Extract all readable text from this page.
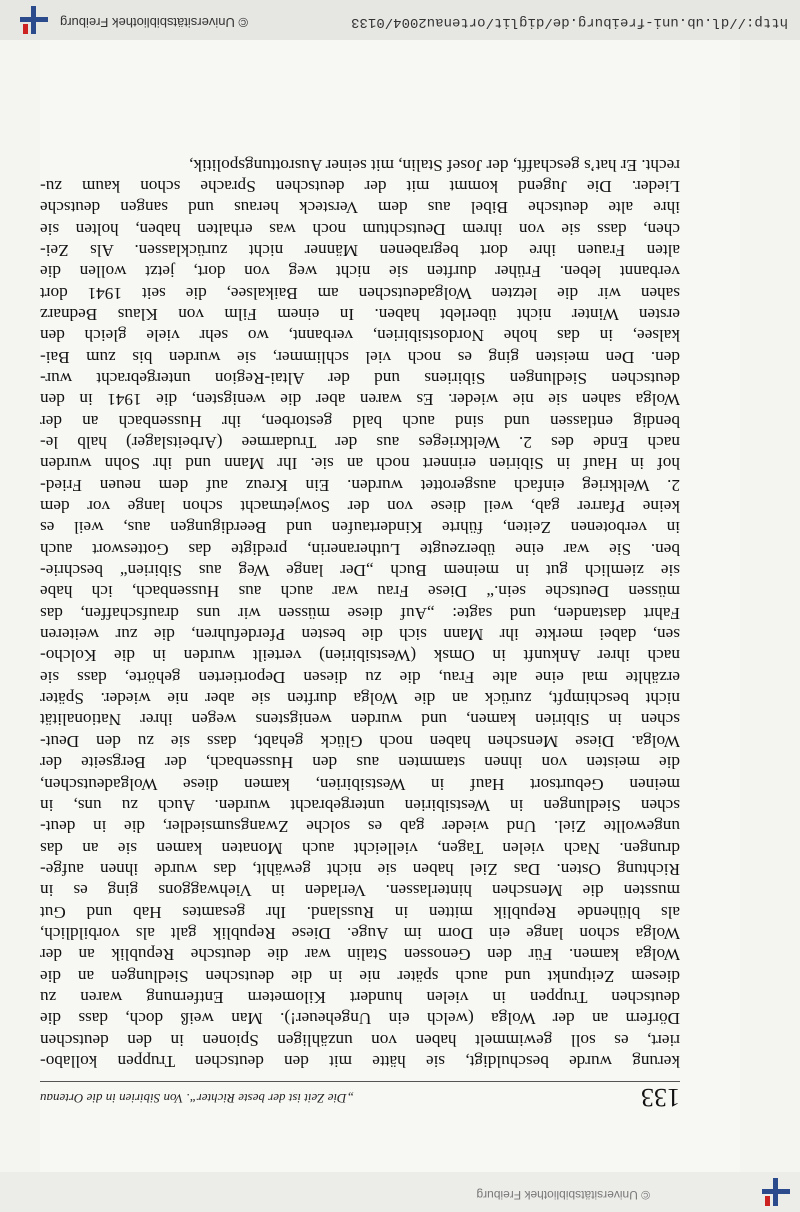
© Universitätsbibliothek Freiburg
133
„Die Zeit ist der beste Richter“. Von Sibirien in die Ortenau
kerung wurde beschuldigt, sie hätte mit den deutschen Truppen kollabo-
riert, es soll gewimmelt haben von unzähligen Spionen in den deutschen
Dörfern an der Wolga (welch ein Ungeheuer!). Man weiß doch, dass die
deutschen Truppen in vielen hundert Kilometern Entfernung waren zu
diesem Zeitpunkt und auch später nie in die deutschen Siedlungen an die
Wolga kamen. Für den Genossen Stalin war die deutsche Republik an der
Wolga schon lange ein Dorn im Auge. Diese Republik galt als vorbildlich,
als blühende Republik mitten in Russland. Ihr gesamtes Hab und Gut
mussten die Menschen hinterlassen. Verladen in Viehwaggons ging es in
Richtung Osten. Das Ziel haben sie nicht gewählt, das wurde ihnen aufge-
drungen. Nach vielen Tagen, vielleicht auch Monaten kamen sie an das
ungewollte Ziel. Und wieder gab es solche Zwangsumsiedler, die in deut-
schen Siedlungen in Westsibirien untergebracht wurden. Auch zu uns, in
meinen Geburtsort Hauf in Westsibirien, kamen diese Wolgadeutschen,
die meisten von ihnen stammten aus den Hussenbach, der Bergseite der
Wolga. Diese Menschen haben noch Glück gehabt, dass sie zu den Deut-
schen in Sibirien kamen, und wurden wenigstens wegen ihrer Nationalität
nicht beschimpft, zurück an die Wolga durften sie aber nie wieder. Später
erzählte mal eine alte Frau, die zu diesen Deportierten gehörte, dass sie
nach ihrer Ankunft in Omsk (Westsibirien) verteilt wurden in die Kolcho-
sen, dabei merkte ihr Mann sich die besten Pferdefuhren, die zur weiteren
Fahrt dastanden, und sagte: „Auf diese müssen wir uns draufschaffen, das
müssen Deutsche sein.“ Diese Frau war auch aus Hussenbach, ich habe
sie ziemlich gut in meinem Buch „Der lange Weg aus Sibirien“ beschrie-
ben. Sie war eine überzeugte Lutheranerin, predigte das Gotteswort auch
in verbotenen Zeiten, führte Kindertaufen und Beerdigungen aus, weil es
keine Pfarrer gab, weil diese von der Sowjetmacht schon lange vor dem
2. Weltkrieg einfach ausgerottet wurden. Ein Kreuz auf dem neuen Fried-
hof in Hauf in Sibirien erinnert noch an sie. Ihr Mann und ihr Sohn wurden
nach Ende des 2. Weltkrieges aus der Trudarmee (Arbeitslager) halb le-
bendig entlassen und sind auch bald gestorben, ihr Hussenbach an der
Wolga sahen sie nie wieder. Es waren aber die wenigsten, die 1941 in den
deutschen Siedlungen Sibiriens und der Altai-Region untergebracht wur-
den. Den meisten ging es noch viel schlimmer, sie wurden bis zum Bai-
kalsee, in das hohe Nordostsibirien, verbannt, wo sehr viele gleich den
ersten Winter nicht überlebt haben. In einem Film von Klaus Bednarz
sahen wir die letzten Wolgadeutschen am Baikalsee, die seit 1941 dort
verbannt leben. Früher durften sie nicht weg von dort, jetzt wollen die
alten Frauen ihre dort begrabenen Männer nicht zurücklassen. Als Zei-
chen, dass sie von ihrem Deutschtum noch was erhalten haben, holten sie
ihre alte deutsche Bibel aus dem Versteck heraus und sangen deutsche
Lieder. Die Jugend kommt mit der deutschen Sprache schon kaum zu-
recht. Er hat’s geschafft, der Josef Stalin, mit seiner Ausrottungspolitik,
http://dl.ub.uni-freiburg.de/diglit/ortenau2004/0133
© Universitätsbibliothek Freiburg
